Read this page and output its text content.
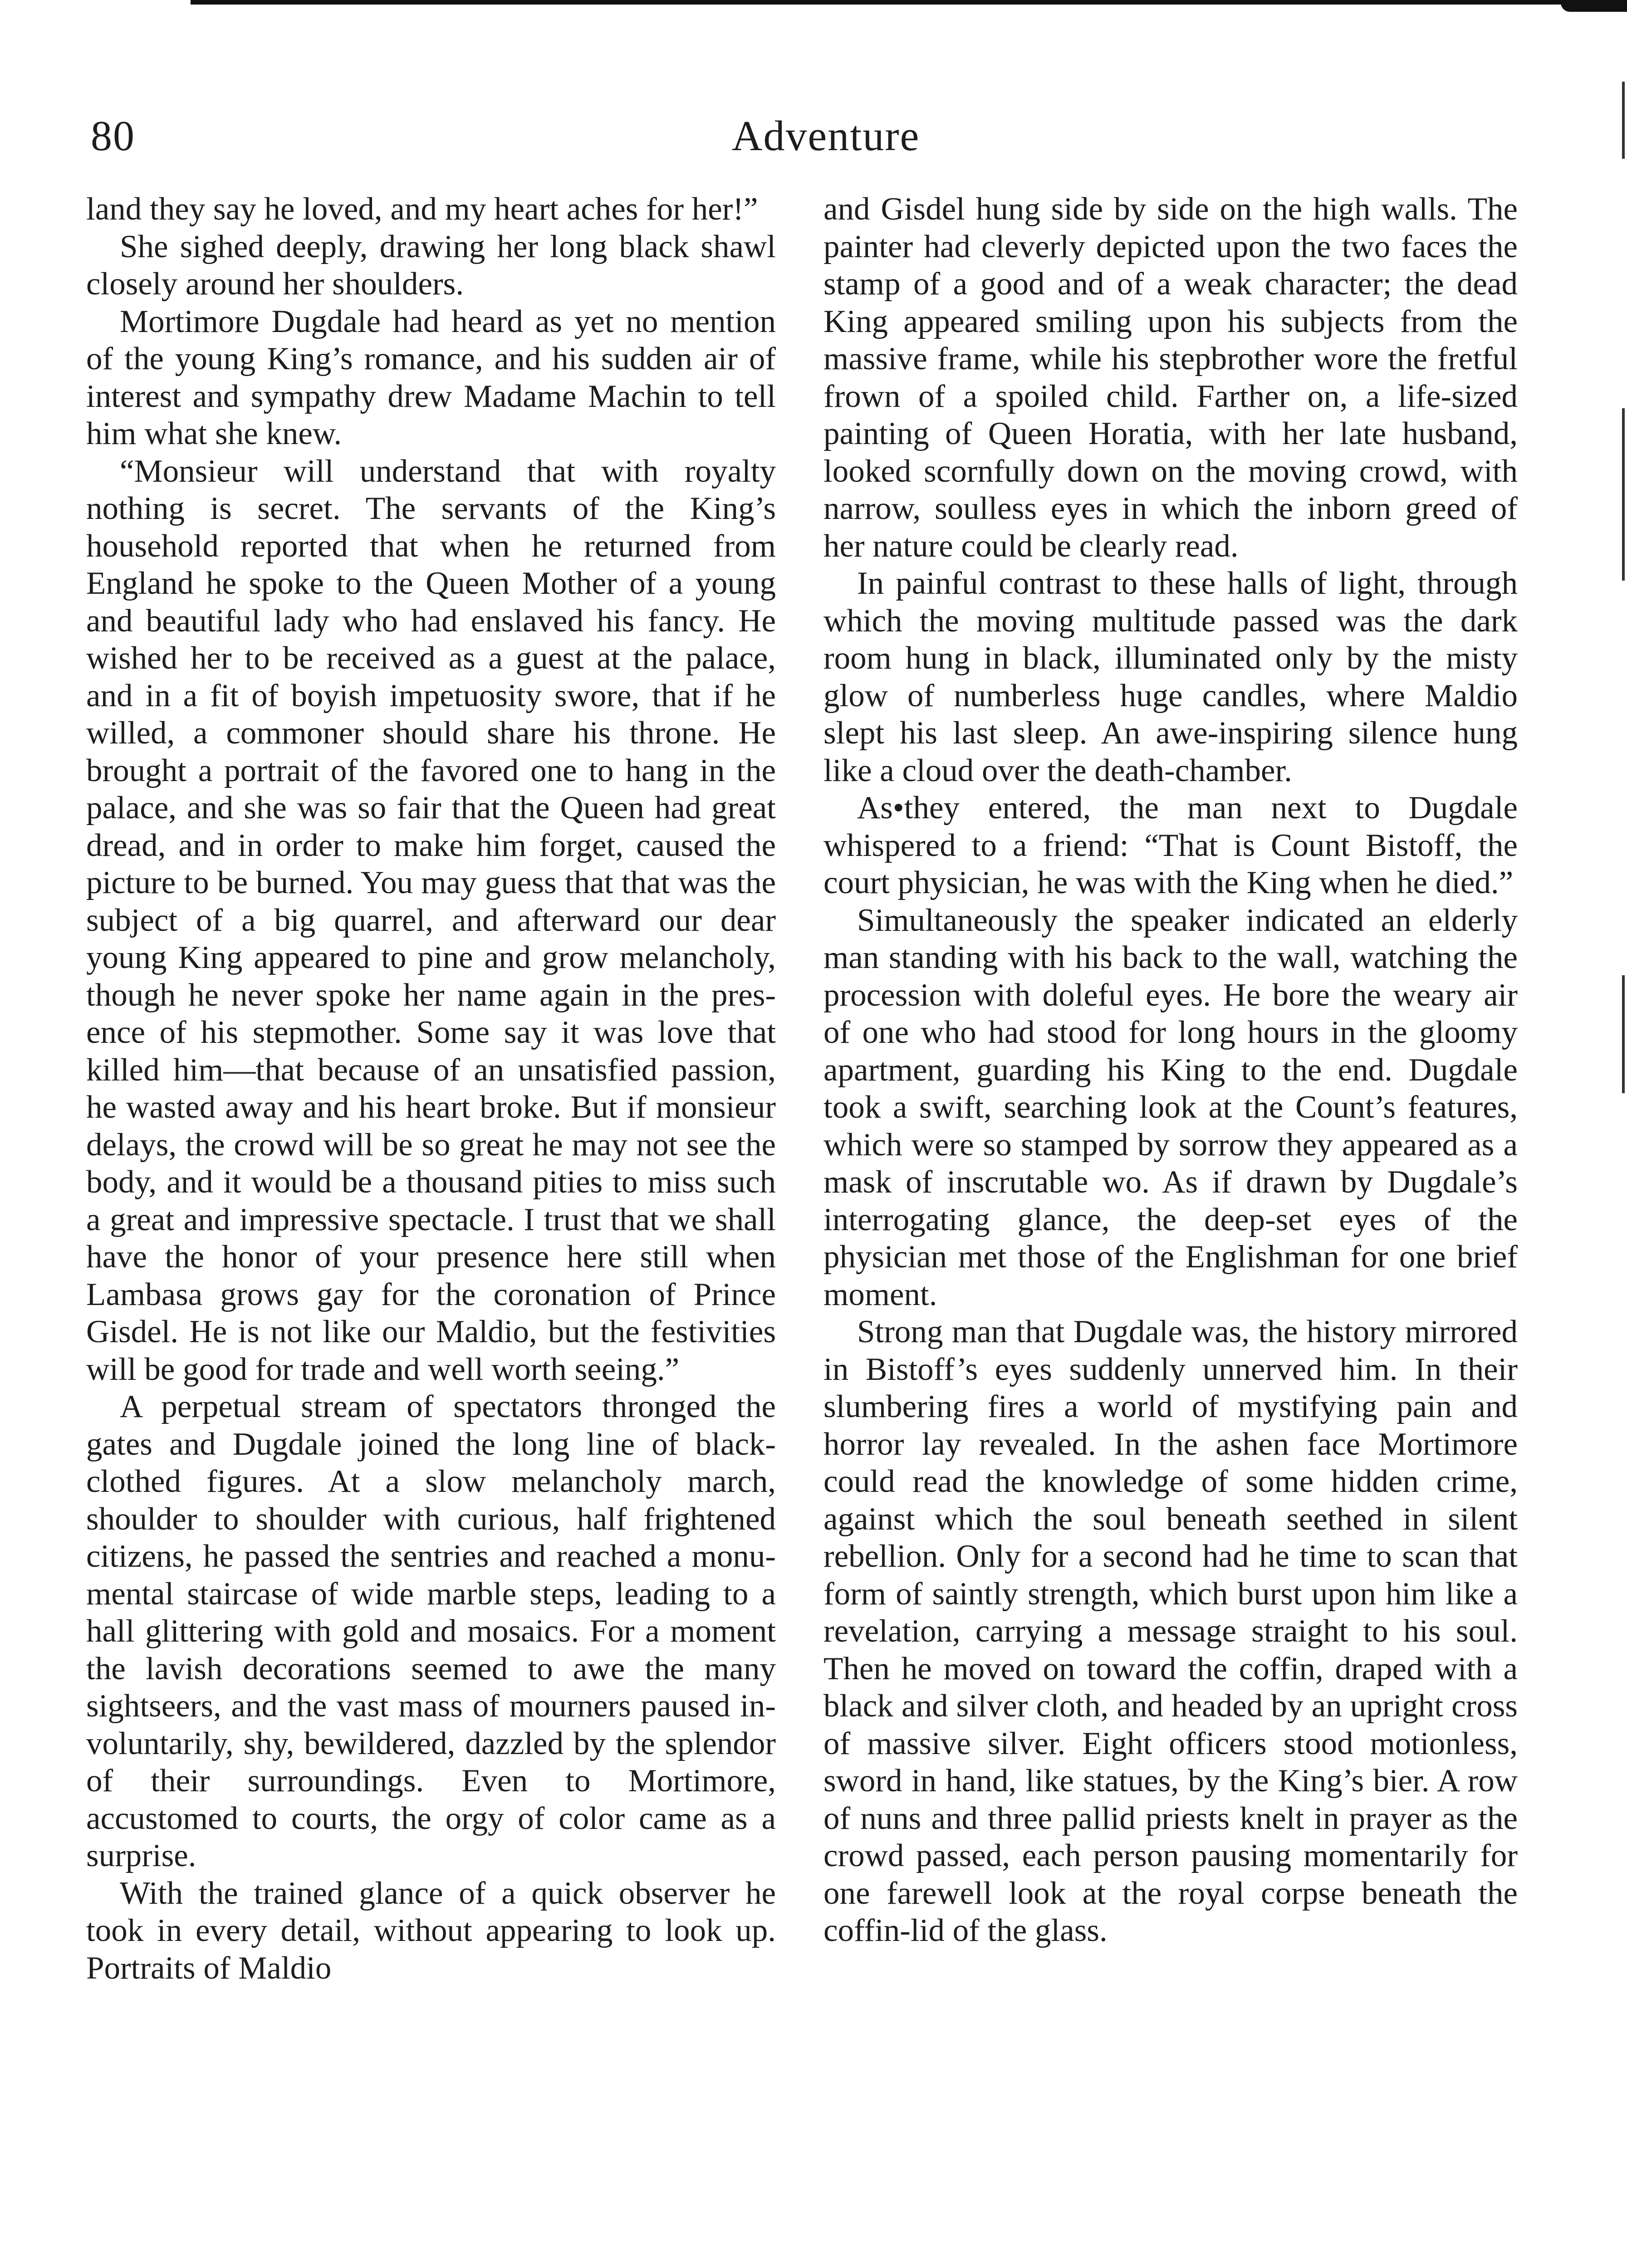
80	Adventure

land they say he loved, and my heart aches for her!”

She sighed deeply, drawing her long black shawl closely around her shoulders.

Mortimore Dugdale had heard as yet no mention of the young King’s romance, and his sudden air of interest and sympathy drew Madame Machin to tell him what she knew.

“Monsieur will understand that with royalty nothing is secret. The servants of the King’s household reported that when he returned from England he spoke to the Queen Mother of a young and beautiful lady who had enslaved his fancy. He wished her to be received as a guest at the palace, and in a fit of boyish impetuosity swore, that if he willed, a commoner should share his throne. He brought a portrait of the favored one to hang in the palace, and she was so fair that the Queen had great dread, and in order to make him forget, caused the picture to be burned. You may guess that that was the subject of a big quarrel, and afterward our dear young King appeared to pine and grow melancholy, though he never spoke her name again in the presence of his stepmother. Some say it was love that killed him—that because of an unsatisfied passion, he wasted away and his heart broke. But if monsieur delays, the crowd will be so great he may not see the body, and it would be a thousand pities to miss such a great and impressive spectacle. I trust that we shall have the honor of your presence here still when Lambasa grows gay for the coronation of Prince Gisdel. He is not like our Maldio, but the festivities will be good for trade and well worth seeing.”

A perpetual stream of spectators thronged the gates and Dugdale joined the long line of black-clothed figures. At a slow melancholy march, shoulder to shoulder with curious, half frightened citizens, he passed the sentries and reached a monumental staircase of wide marble steps, leading to a hall glittering with gold and mosaics. For a moment the lavish decorations seemed to awe the many sightseers, and the vast mass of mourners paused involuntarily, shy, bewildered, dazzled by the splendor of their surroundings. Even to Mortimore, accustomed to courts, the orgy of color came as a surprise.

With the trained glance of a quick observer he took in every detail, without appearing to look up. Portraits of Maldio

and Gisdel hung side by side on the high walls. The painter had cleverly depicted upon the two faces the stamp of a good and of a weak character; the dead King appeared smiling upon his subjects from the massive frame, while his stepbrother wore the fretful frown of a spoiled child. Farther on, a life-sized painting of Queen Horatia, with her late husband, looked scornfully down on the moving crowd, with narrow, soulless eyes in which the inborn greed of her nature could be clearly read.

In painful contrast to these halls of light, through which the moving multitude passed was the dark room hung in black, illuminated only by the misty glow of numberless huge candles, where Maldio slept his last sleep. An awe-inspiring silence hung like a cloud over the death-chamber.

As•they entered, the man next to Dugdale whispered to a friend: “That is Count Bistoff, the court physician, he was with the King when he died.”

Simultaneously the speaker indicated an elderly man standing with his back to the wall, watching the procession with doleful eyes. He bore the weary air of one who had stood for long hours in the gloomy apartment, guarding his King to the end. Dugdale took a swift, searching look at the Count’s features, which were so stamped by sorrow they appeared as a mask of inscrutable wo. As if drawn by Dugdale’s interrogating glance, the deep-set eyes of the physician met those of the Englishman for one brief moment.

Strong man that Dugdale was, the history mirrored in Bistoff’s eyes suddenly unnerved him. In their slumbering fires a world of mystifying pain and horror lay revealed. In the ashen face Mortimore could read the knowledge of some hidden crime, against which the soul beneath seethed in silent rebellion. Only for a second had he time to scan that form of saintly strength, which burst upon him like a revelation, carrying a message straight to his soul. Then he moved on toward the coffin, draped with a black and silver cloth, and headed by an upright cross of massive silver. Eight officers stood motionless, sword in hand, like statues, by the King’s bier. A row of nuns and three pallid priests knelt in prayer as the crowd passed, each person pausing momentarily for one farewell look at the royal corpse beneath the coffin-lid of the glass.
